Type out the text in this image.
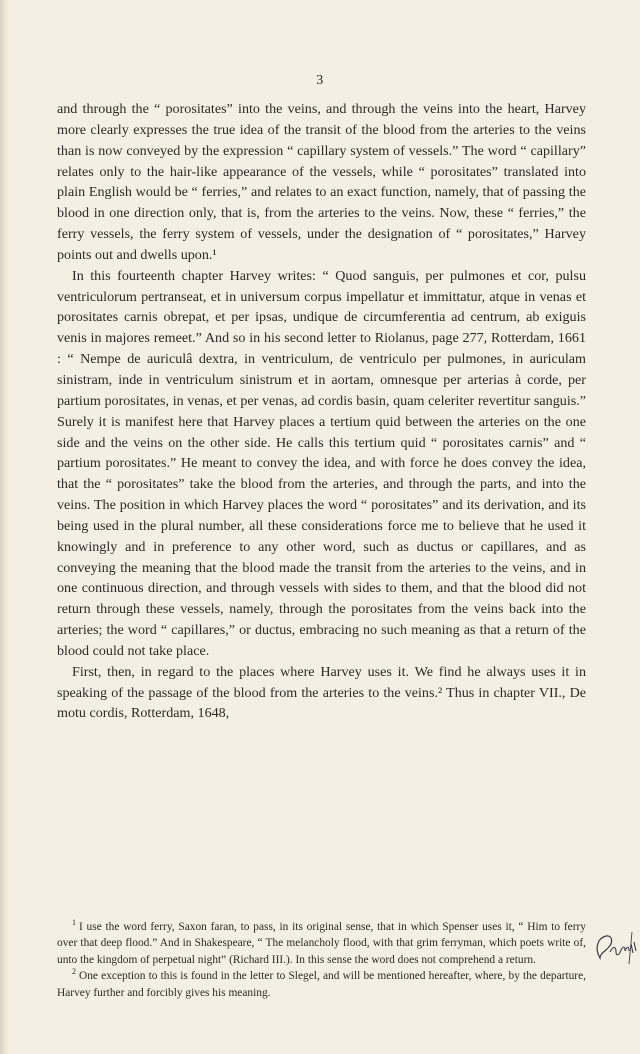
3

and through the “ porositates” into the veins, and through the veins into the heart, Harvey more clearly expresses the true idea of the transit of the blood from the arteries to the veins than is now conveyed by the expression “ capillary system of vessels.” The word “ capillary” relates only to the hair-like appearance of the vessels, while “ porositates” translated into plain English would be “ ferries,” and relates to an exact function, namely, that of passing the blood in one direction only, that is, from the arteries to the veins. Now, these “ ferries,” the ferry vessels, the ferry system of vessels, under the designation of “ porositates,” Harvey points out and dwells upon.¹

In this fourteenth chapter Harvey writes: “ Quod sanguis, per pulmones et cor, pulsu ventriculorum pertranseat, et in universum corpus impellatur et immittatur, atque in venas et porositates carnis obrepat, et per ipsas, undique de circumferentia ad centrum, ab exiguis venis in majores remeet.” And so in his second letter to Riolanus, page 277, Rotterdam, 1661 : “ Nempe de auriculâ dextra, in ventriculum, de ventriculo per pulmones, in auriculam sinistram, inde in ventriculum sinistrum et in aortam, omnesque per arterias à corde, per partium porositates, in venas, et per venas, ad cordis basin, quam celeriter revertitur sanguis.” Surely it is manifest here that Harvey places a tertium quid between the arteries on the one side and the veins on the other side. He calls this tertium quid “ porositates carnis” and “ partium porositates.” He meant to convey the idea, and with force he does convey the idea, that the “ porositates” take the blood from the arteries, and through the parts, and into the veins. The position in which Harvey places the word “ porositates” and its derivation, and its being used in the plural number, all these considerations force me to believe that he used it knowingly and in preference to any other word, such as ductus or capillares, and as conveying the meaning that the blood made the transit from the arteries to the veins, and in one continuous direction, and through vessels with sides to them, and that the blood did not return through these vessels, namely, through the porositates from the veins back into the arteries; the word “ capillares,” or ductus, embracing no such meaning as that a return of the blood could not take place.

First, then, in regard to the places where Harvey uses it. We find he always uses it in speaking of the passage of the blood from the arteries to the veins.² Thus in chapter VII., De motu cordis, Rotterdam, 1648,

$^1$ I use the word ferry, Saxon faran, to pass, in its original sense, that in which Spenser uses it, “ Him to ferry over that deep flood.” And in Shakespeare, “ The melancholy flood, with that grim ferryman, which poets write of, unto the kingdom of perpetual night” (Richard III.). In this sense the word does not comprehend a return.

$^2$ One exception to this is found in the letter to Slegel, and will be mentioned hereafter, where, by the departure, Harvey further and forcibly gives his meaning.
